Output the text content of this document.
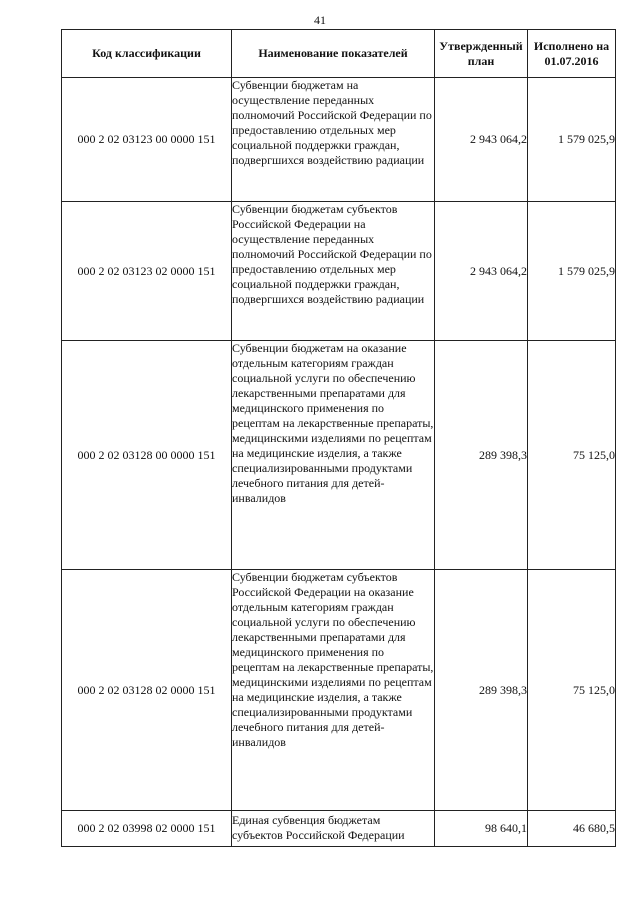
41
Код классификации	Наименование показателей	Утвержденный план	Исполнено на 01.07.2016
000 2 02 03123 00 0000 151	Субвенции бюджетам на осуществление переданных полномочий Российской Федерации по предоставлению отдельных мер социальной поддержки граждан, подвергшихся воздействию радиации	2 943 064,2	1 579 025,9
000 2 02 03123 02 0000 151	Субвенции бюджетам субъектов Российской Федерации на осуществление переданных полномочий Российской Федерации по предоставлению отдельных мер социальной поддержки граждан, подвергшихся воздействию радиации	2 943 064,2	1 579 025,9
000 2 02 03128 00 0000 151	Субвенции бюджетам на оказание отдельным категориям граждан социальной услуги по обеспечению лекарственными препаратами для медицинского применения по рецептам на лекарственные препараты, медицинскими изделиями по рецептам на медицинские изделия, а также специализированными продуктами лечебного питания для детей-инвалидов	289 398,3	75 125,0
000 2 02 03128 02 0000 151	Субвенции бюджетам субъектов Российской Федерации на оказание отдельным категориям граждан социальной услуги по обеспечению лекарственными препаратами для медицинского применения по рецептам на лекарственные препараты, медицинскими изделиями по рецептам на медицинские изделия, а также специализированными продуктами лечебного питания для детей-инвалидов	289 398,3	75 125,0
000 2 02 03998 02 0000 151	Единая субвенция бюджетам субъектов Российской Федерации	98 640,1	46 680,5
